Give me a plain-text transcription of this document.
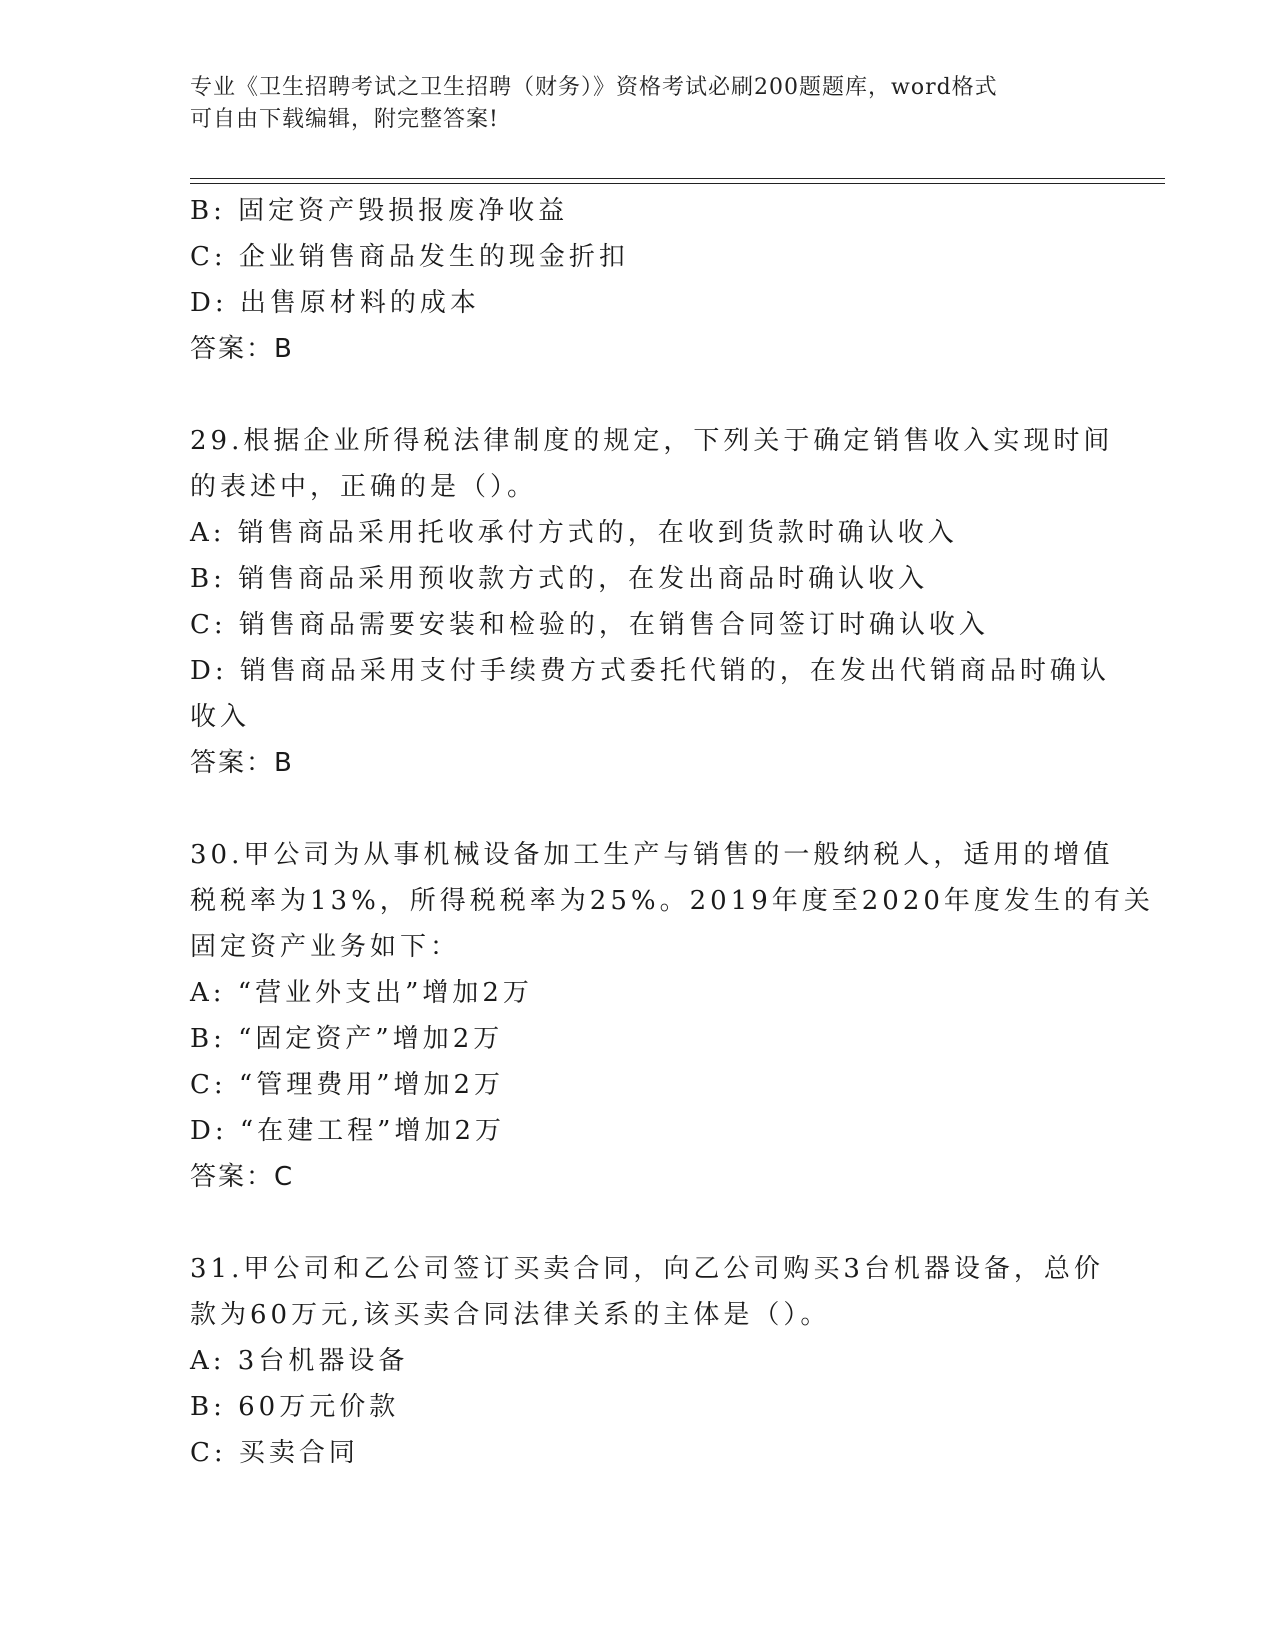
专业《卫生招聘考试之卫生招聘（财务）》资格考试必刷200题题库，word格式
可自由下载编辑，附完整答案!
B: 固定资产毁损报废净收益
C: 企业销售商品发生的现金折扣
D: 出售原材料的成本
答案：B
29.根据企业所得税法律制度的规定，下列关于确定销售收入实现时间
的表述中，正确的是（）。
A: 销售商品采用托收承付方式的，在收到货款时确认收入
B: 销售商品采用预收款方式的，在发出商品时确认收入
C: 销售商品需要安装和检验的，在销售合同签订时确认收入
D: 销售商品采用支付手续费方式委托代销的，在发出代销商品时确认
收入
答案：B
30.甲公司为从事机械设备加工生产与销售的一般纳税人，适用的增值
税税率为13%，所得税税率为25%。2019年度至2020年度发生的有关
固定资产业务如下：
A: “营业外支出”增加2万
B: “固定资产”增加2万
C: “管理费用”增加2万
D: “在建工程”增加2万
答案：C
31.甲公司和乙公司签订买卖合同，向乙公司购买3台机器设备，总价
款为60万元,该买卖合同法律关系的主体是（）。
A: 3台机器设备
B: 60万元价款
C: 买卖合同
